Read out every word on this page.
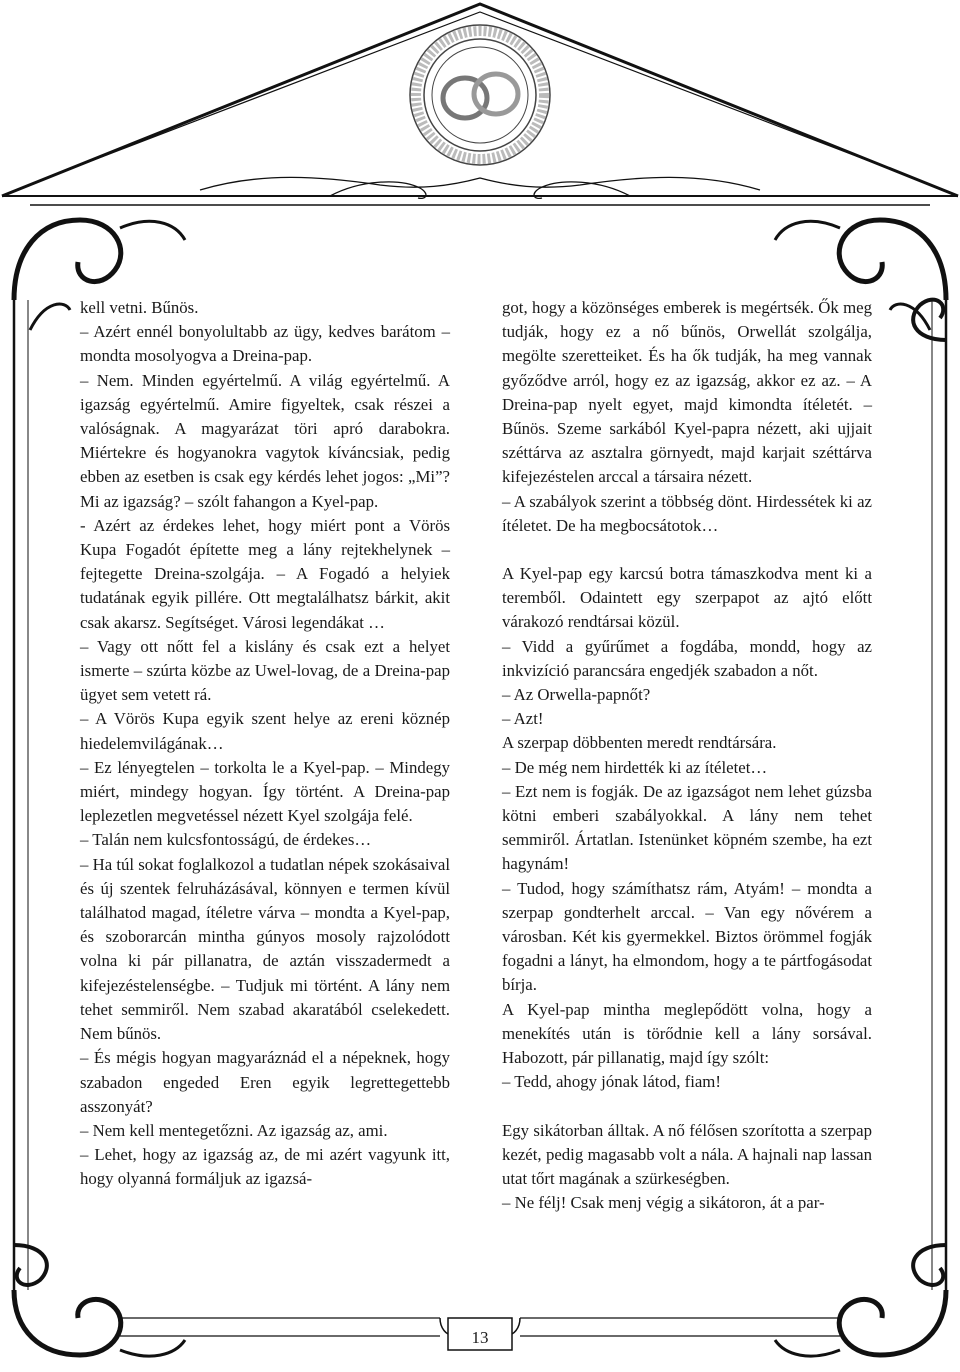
kell vetni. Bűnös.

– Azért ennél bonyolultabb az ügy, kedves barátom – mondta mosolyogva a Dreina-pap.

– Nem. Minden egyértelmű. A világ egyértelmű. A igazság egyértelmű. Amire figyeltek, csak részei a valóságnak. A magyarázat töri apró darabokra. Miértekre és hogyanokra vagytok kíváncsiak, pedig ebben az esetben is csak egy kérdés lehet jogos: „Mi”? Mi az igazság? – szólt fahangon a Kyel-pap.

- Azért az érdekes lehet, hogy miért pont a Vörös Kupa Fogadót építette meg a lány rejtekhelynek – fejtegette Dreina-szolgája. – A Fogadó a helyiek tudatának egyik pillére. Ott megtalálhatsz bárkit, akit csak akarsz. Segítséget. Városi legendákat …

– Vagy ott nőtt fel a kislány és csak ezt a helyet ismerte – szúrta közbe az Uwel-lovag, de a Dreina-pap ügyet sem vetett rá.

– A Vörös Kupa egyik szent helye az ereni köznép hiedelemvilágának…

– Ez lényegtelen – torkolta le a Kyel-pap. – Mindegy miért, mindegy hogyan. Így történt. A Dreina-pap leplezetlen megvetéssel nézett Kyel szolgája felé.

– Talán nem kulcsfontosságú, de érdekes…

– Ha túl sokat foglalkozol a tudatlan népek szokásaival és új szentek felruházásával, könnyen e termen kívül találhatod magad, ítéletre várva – mondta a Kyel-pap, és szoborarcán mintha gúnyos mosoly rajzolódott volna ki pár pillanatra, de aztán visszadermedt a kifejezéstelenségbe. – Tudjuk mi történt. A lány nem tehet semmiről. Nem szabad akaratából cselekedett. Nem bűnös.

– És mégis hogyan magyaráznád el a népeknek, hogy szabadon engeded Eren egyik legrettegettebb asszonyát?

– Nem kell mentegetőzni. Az igazság az, ami.

– Lehet, hogy az igazság az, de mi azért vagyunk itt, hogy olyanná formáljuk az igazsá-

got, hogy a közönséges emberek is megértsék. Ők meg tudják, hogy ez a nő bűnös, Orwellát szolgálja, megölte szeretteiket. És ha ők tudják, ha meg vannak győződve arról, hogy ez az igazság, akkor ez az. – A Dreina-pap nyelt egyet, majd kimondta ítéletét. – Bűnös. Szeme sarkából Kyel-papra nézett, aki ujjait széttárva az asztalra görnyedt, majd karjait széttárva kifejezéstelen arccal a társaira nézett.

– A szabályok szerint a többség dönt. Hirdessétek ki az ítéletet. De ha megbocsátotok…

A Kyel-pap egy karcsú botra támaszkodva ment ki a teremből. Odaintett egy szerpapot az ajtó előtt várakozó rendtársai közül.

– Vidd a gyűrűmet a fogdába, mondd, hogy az inkvizíció parancsára engedjék szabadon a nőt.

– Az Orwella-papnőt?

– Azt!

A szerpap döbbenten meredt rendtársára.

– De még nem hirdették ki az ítéletet…

– Ezt nem is fogják. De az igazságot nem lehet gúzsba kötni emberi szabályokkal. A lány nem tehet semmiről. Ártatlan. Istenünket köpném szembe, ha ezt hagynám!

– Tudod, hogy számíthatsz rám, Atyám! – mondta a szerpap gondterhelt arccal. – Van egy nővérem a városban. Két kis gyermekkel. Biztos örömmel fogják fogadni a lányt, ha elmondom, hogy a te pártfogásodat bírja.

A Kyel-pap mintha meglepődött volna, hogy a menekítés után is törődnie kell a lány sorsával. Habozott, pár pillanatig, majd így szólt:

– Tedd, ahogy jónak látod, fiam!

Egy sikátorban álltak. A nő félősen szorította a szerpap kezét, pedig magasabb volt a nála. A hajnali nap lassan utat tőrt magának a szürkeségben.

– Ne félj! Csak menj végig a sikátoron, át a par-

13
